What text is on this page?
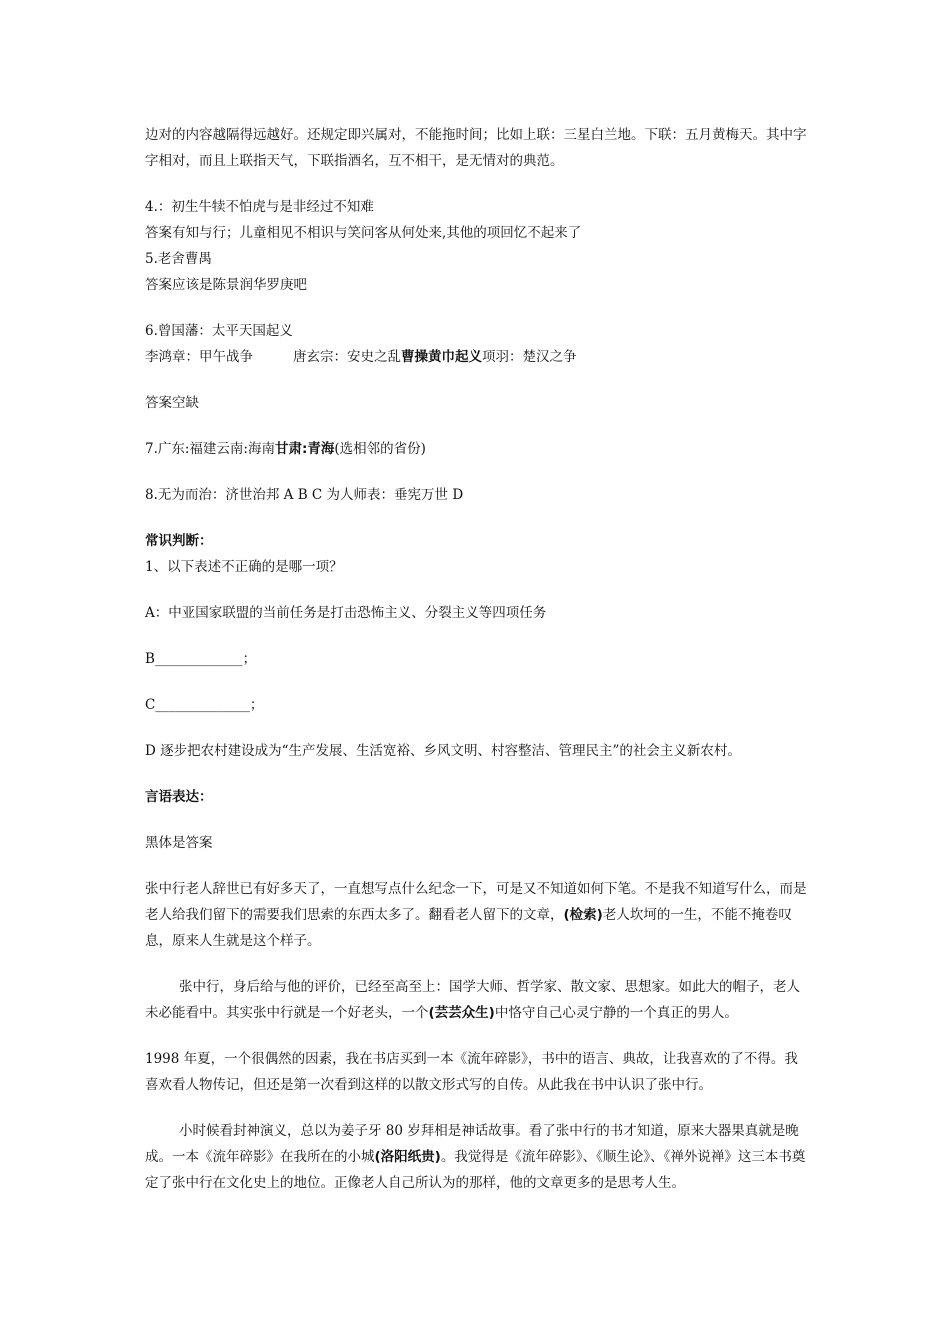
边对的内容越隔得远越好。还规定即兴属对，不能拖时间；比如上联：三星白兰地。下联：五月黄梅天。其中字字相对，而且上联指天气，下联指酒名，互不相干，是无情对的典范。

4.：初生牛犊不怕虎与是非经过不知难

答案有知与行；儿童相见不相识与笑问客从何处来,其他的项回忆不起来了

5.老舍曹禺

答案应该是陈景润华罗庚吧

6.曾国藩：太平天国起义

李鸿章：甲午战争	唐玄宗：安史之乱曹操黄巾起义项羽：楚汉之争

答案空缺

7.广东:福建云南:海南甘肃:青海(选相邻的省份)

8.无为而治：济世治邦 A B C 为人师表：垂宪万世 D

常识判断：

1、以下表述不正确的是哪一项？

A：中亚国家联盟的当前任务是打击恐怖主义、分裂主义等四项任务

B_____________；

C______________；

D 逐步把农村建设成为“生产发展、生活宽裕、乡风文明、村容整洁、管理民主”的社会主义新农村。

言语表达：

黑体是答案

张中行老人辞世已有好多天了，一直想写点什么纪念一下，可是又不知道如何下笔。不是我不知道写什么，而是老人给我们留下的需要我们思索的东西太多了。翻看老人留下的文章，(检索)老人坎坷的一生，不能不掩卷叹息，原来人生就是这个样子。

张中行，身后给与他的评价，已经至高至上：国学大师、哲学家、散文家、思想家。如此大的帽子，老人未必能看中。其实张中行就是一个好老头，一个(芸芸众生)中恪守自己心灵宁静的一个真正的男人。

1998 年夏，一个很偶然的因素，我在书店买到一本《流年碎影》，书中的语言、典故，让我喜欢的了不得。我喜欢看人物传记，但还是第一次看到这样的以散文形式写的自传。从此我在书中认识了张中行。

小时候看封神演义，总以为姜子牙 80 岁拜相是神话故事。看了张中行的书才知道，原来大器果真就是晚成。一本《流年碎影》在我所在的小城(洛阳纸贵)。我觉得是《流年碎影》、《顺生论》、《禅外说禅》这三本书奠定了张中行在文化史上的地位。正像老人自己所认为的那样，他的文章更多的是思考人生。
